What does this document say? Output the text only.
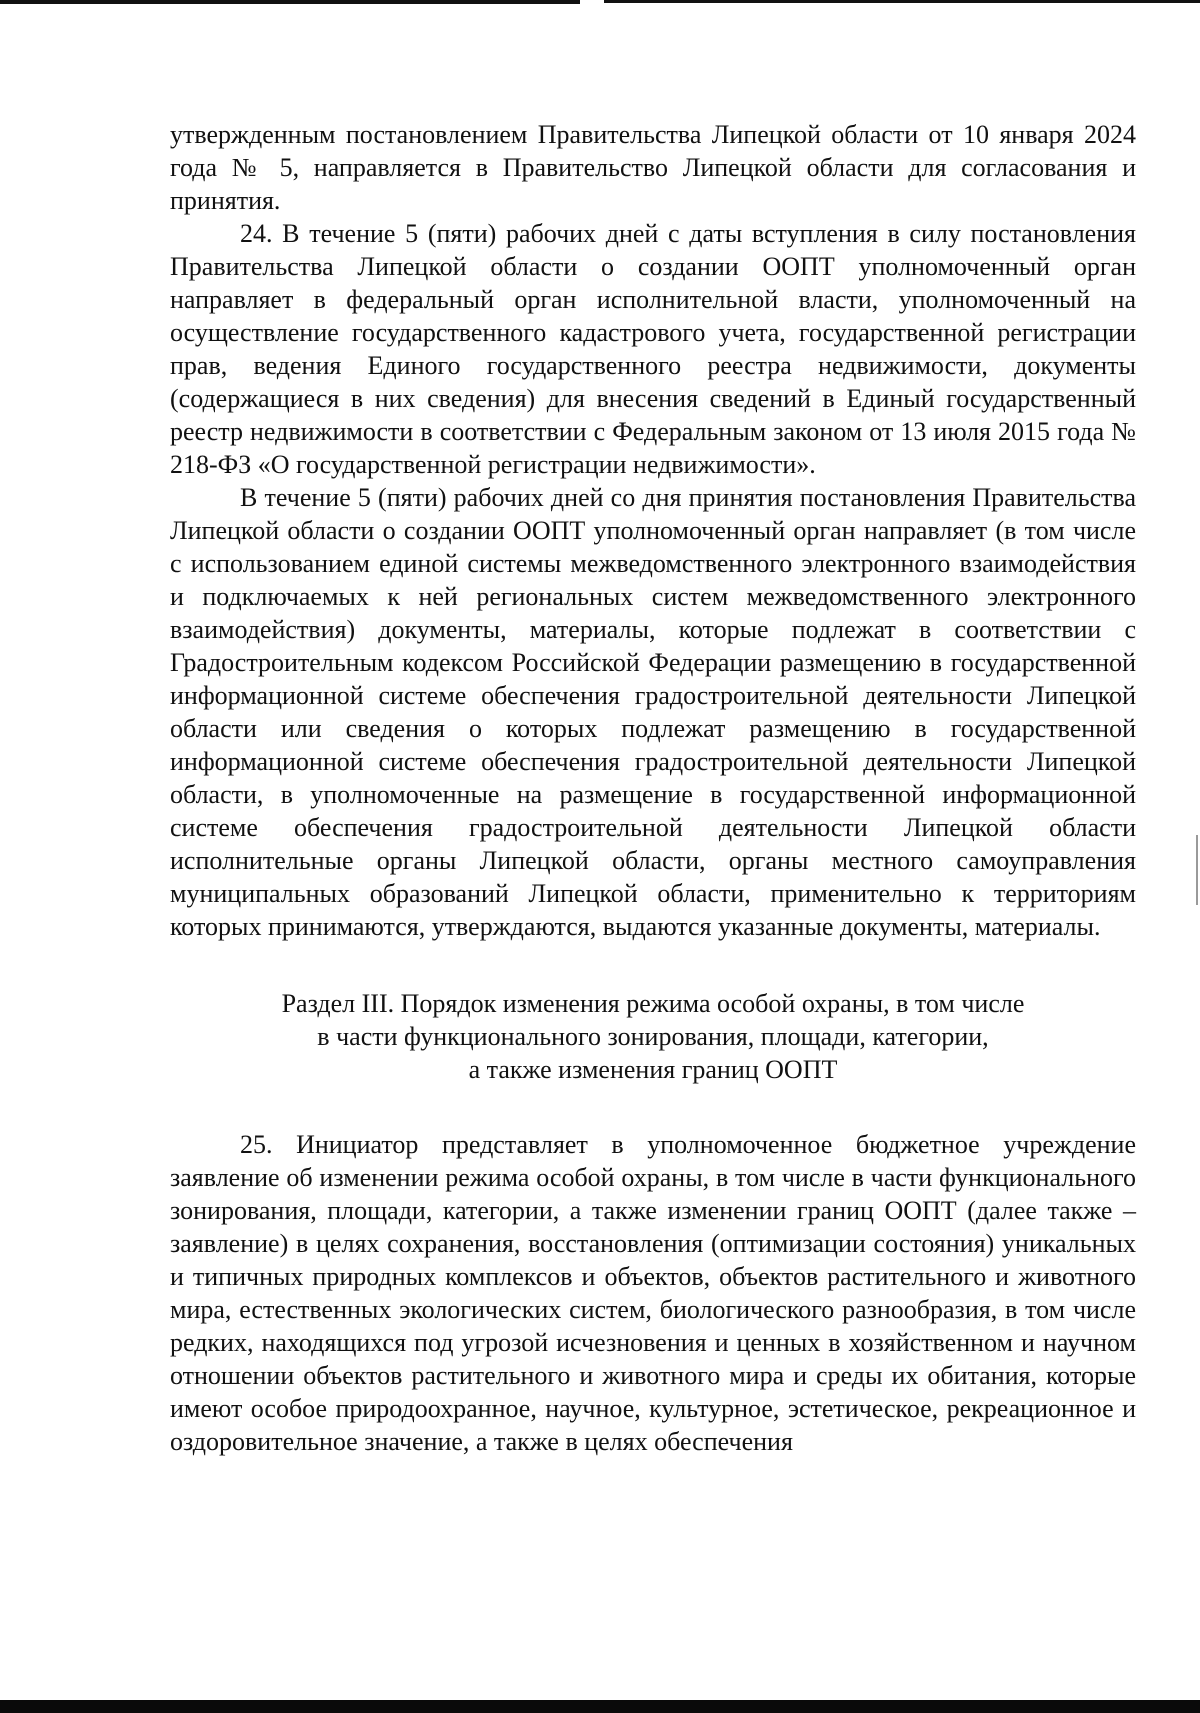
утвержденным постановлением Правительства Липецкой области от 10 января 2024 года № 5, направляется в Правительство Липецкой области для согласования и принятия.

24. В течение 5 (пяти) рабочих дней с даты вступления в силу постановления Правительства Липецкой области о создании ООПТ уполномоченный орган направляет в федеральный орган исполнительной власти, уполномоченный на осуществление государственного кадастрового учета, государственной регистрации прав, ведения Единого государственного реестра недвижимости, документы (содержащиеся в них сведения) для внесения сведений в Единый государственный реестр недвижимости в соответствии с Федеральным законом от 13 июля 2015 года № 218-ФЗ «О государственной регистрации недвижимости».

В течение 5 (пяти) рабочих дней со дня принятия постановления Правительства Липецкой области о создании ООПТ уполномоченный орган направляет (в том числе с использованием единой системы межведомственного электронного взаимодействия и подключаемых к ней региональных систем межведомственного электронного взаимодействия) документы, материалы, которые подлежат в соответствии с Градостроительным кодексом Российской Федерации размещению в государственной информационной системе обеспечения градостроительной деятельности Липецкой области или сведения о которых подлежат размещению в государственной информационной системе обеспечения градостроительной деятельности Липецкой области, в уполномоченные на размещение в государственной информационной системе обеспечения градостроительной деятельности Липецкой области исполнительные органы Липецкой области, органы местного самоуправления муниципальных образований Липецкой области, применительно к территориям которых принимаются, утверждаются, выдаются указанные документы, материалы.

Раздел III. Порядок изменения режима особой охраны, в том числе
в части функционального зонирования, площади, категории,
а также изменения границ ООПТ

25. Инициатор представляет в уполномоченное бюджетное учреждение заявление об изменении режима особой охраны, в том числе в части функционального зонирования, площади, категории, а также изменении границ ООПТ (далее также – заявление) в целях сохранения, восстановления (оптимизации состояния) уникальных и типичных природных комплексов и объектов, объектов растительного и животного мира, естественных экологических систем, биологического разнообразия, в том числе редких, находящихся под угрозой исчезновения и ценных в хозяйственном и научном отношении объектов растительного и животного мира и среды их обитания, которые имеют особое природоохранное, научное, культурное, эстетическое, рекреационное и оздоровительное значение, а также в целях обеспечения
